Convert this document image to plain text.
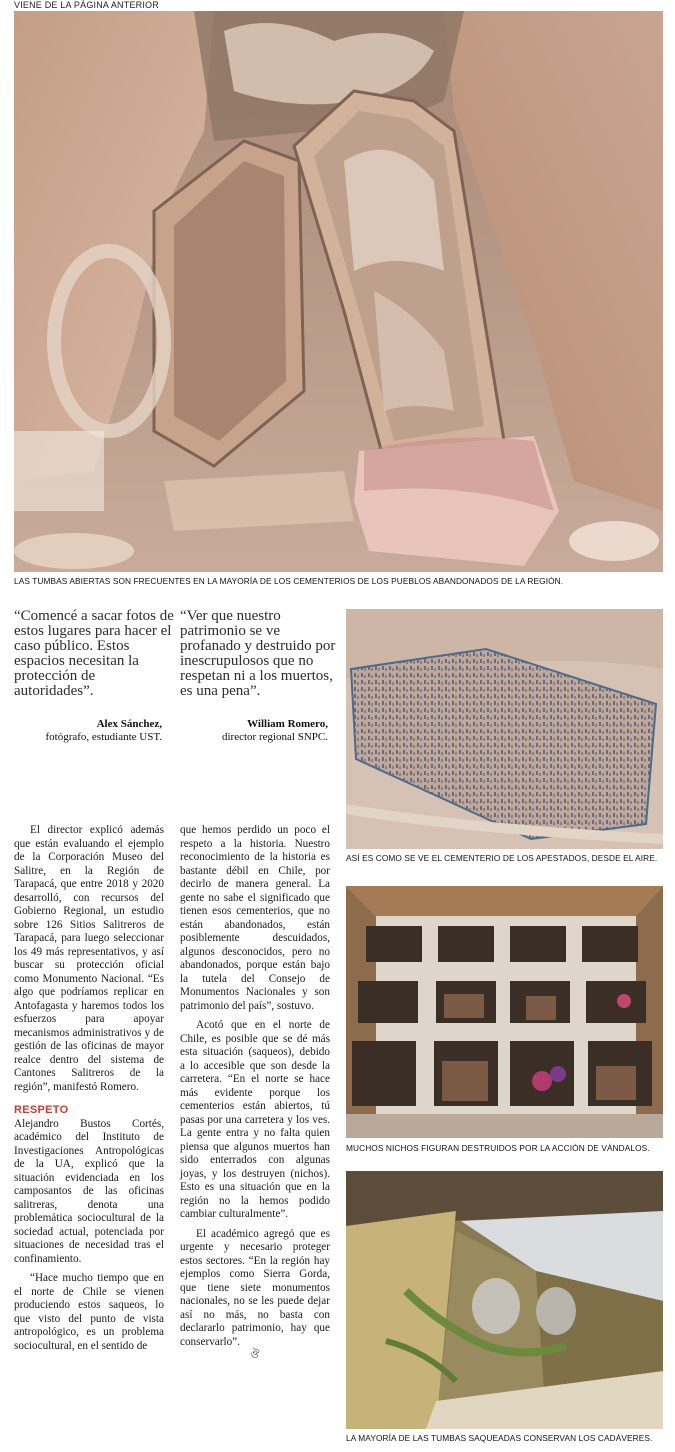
VIENE DE LA PÁGINA ANTERIOR
LAS TUMBAS ABIERTAS SON FRECUENTES EN LA MAYORÍA DE LOS CEMENTERIOS DE LOS PUEBLOS ABANDONADOS DE LA REGIÓN.
“Comencé a sacar fotos de estos lugares para hacer el caso público. Estos espacios necesitan la protección de autoridades”.
Alex Sánchez,
fotógrafo, estudiante UST.
“Ver que nuestro patrimonio se ve profanado y destruido por inescrupulosos que no respetan ni a los muertos, es una pena”.
William Romero,
director regional SNPC.
ASÍ ES COMO SE VE EL CEMENTERIO DE LOS APESTADOS, DESDE EL AIRE.
MUCHOS NICHOS FIGURAN DESTRUIDOS POR LA ACCIÓN DE VÁNDALOS.
LA MAYORÍA DE LAS TUMBAS SAQUEADAS CONSERVAN LOS CADÁVERES.

El director explicó además que están evaluando el ejemplo de la Corporación Museo del Salitre, en la Región de Tarapacá, que entre 2018 y 2020 desarrolló, con recursos del Gobierno Regional, un estudio sobre 126 Sitios Salitreros de Tarapacá, para luego seleccionar los 49 más representativos, y así buscar su protección oficial como Monumento Nacional. “Es algo que podríamos replicar en Antofagasta y haremos todos los esfuerzos para apoyar mecanismos administrativos y de gestión de las oficinas de mayor realce dentro del sistema de Cantones Salitreros de la región”, manifestó Romero.

RESPETO

Alejandro Bustos Cortés, académico del Instituto de Investigaciones Antropológicas de la UA, explicó que la situación evidenciada en los camposantos de las oficinas salitreras, denota una problemática sociocultural de la sociedad actual, potenciada por situaciones de necesidad tras el confinamiento.

“Hace mucho tiempo que en el norte de Chile se vienen produciendo estos saqueos, lo que visto del punto de vista antropológico, es un problema sociocultural, en el sentido de

que hemos perdido un poco el respeto a la historia. Nuestro reconocimiento de la historia es bastante débil en Chile, por decirlo de manera general. La gente no sabe el significado que tienen esos cementerios, que no están abandonados, están posiblemente descuidados, algunos desconocidos, pero no abandonados, porque están bajo la tutela del Consejo de Monumentos Nacionales y son patrimonio del país”, sostuvo.

Acotó que en el norte de Chile, es posible que se dé más esta situación (saqueos), debido a lo accesible que son desde la carretera. “En el norte se hace más evidente porque los cementerios están abiertos, tú pasas por una carretera y los ves. La gente entra y no falta quien piensa que algunos muertos han sido enterrados con algunas joyas, y los destruyen (nichos). Esto es una situación que en la región no la hemos podido cambiar culturalmente”.

El académico agregó que es urgente y necesario proteger estos sectores. “En la región hay ejemplos como Sierra Gorda, que tiene siete monumentos nacionales, no se les puede dejar así no más, no basta con declararlo patrimonio, hay que conservarlo”.

ঔ
